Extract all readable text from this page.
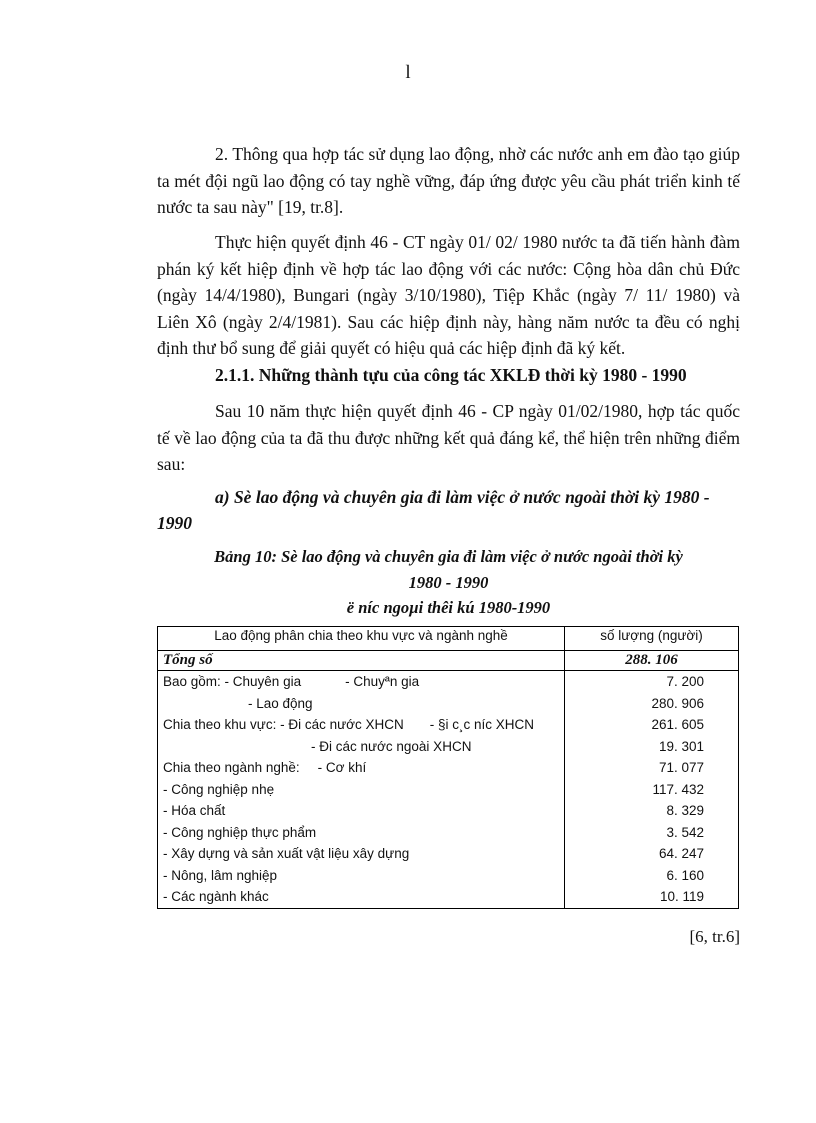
l

2. Thông qua hợp tác sử dụng lao động, nhờ các nước anh em đào tạo giúp ta mét đội ngũ lao động có tay nghề vững, đáp ứng được yêu cầu phát triển kinh tế nước ta sau này" [19, tr.8].

Thực hiện quyết định 46 - CT ngày 01/ 02/ 1980 nước ta đã tiến hành đàm phán ký kết hiệp định về hợp tác lao động với các nước: Cộng hòa dân chủ Đức (ngày 14/4/1980), Bungari (ngày 3/10/1980), Tiệp Khắc (ngày 7/ 11/ 1980) và Liên Xô (ngày 2/4/1981). Sau các hiệp định này, hàng năm nước ta đều có nghị định thư bổ sung để giải quyết có hiệu quả các hiệp định đã ký kết.

2.1.1. Những thành tựu của công tác XKLĐ thời kỳ 1980 - 1990

Sau 10 năm thực hiện quyết định 46 - CP ngày 01/02/1980, hợp tác quốc tế về lao động của ta đã thu được những kết quả đáng kể, thể hiện trên những điểm sau:

a) Sè lao động và chuyên gia đi làm việc ở nước ngoài thời kỳ 1980 - 1990

Bảng 10: Sè lao động và chuyên gia đi làm việc ở nước ngoài thời kỳ

1980 - 1990

ë níc ngoµi thêi kú 1980-1990

Lao động phân chia theo khu vực và ngành nghề	số lượng (người)
Tổng số	288. 106
Bao gồm: - Chuyên gia - Chuyªn gia	7. 200
- Lao động	280. 906
Chia theo khu vực: - Đi các nước XHCN - §i c¸c níc XHCN	261. 605
- Đi các nước ngoài XHCN	19. 301
Chia theo ngành nghề: - Cơ khí	71. 077
- Công nghiệp nhẹ	117. 432
- Hóa chất	8. 329
- Công nghiệp thực phẩm	3. 542
- Xây dựng và sản xuất vật liệu xây dựng	64. 247
- Nông, lâm nghiệp	6. 160
- Các ngành khác	10. 119
[6, tr.6]
